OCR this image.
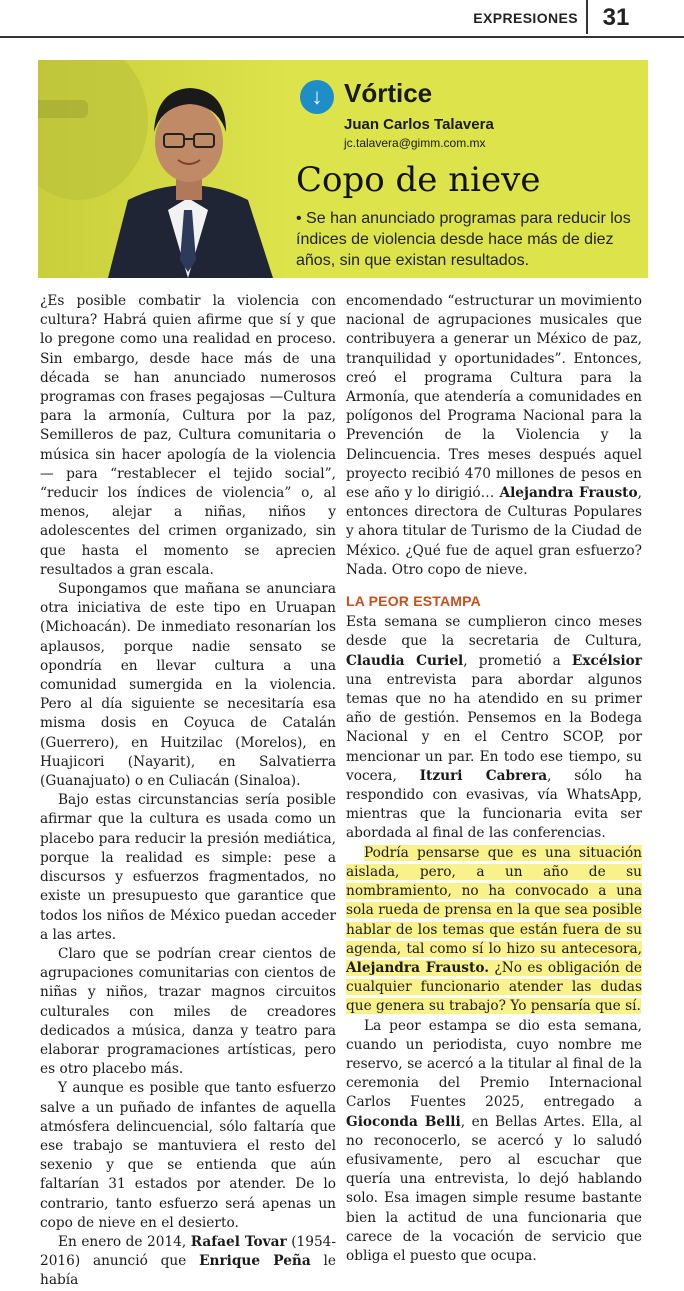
EXPRESIONES	31
↓ Vórtice
Juan Carlos Talavera
jc.talavera@gimm.com.mx
Copo de nieve
• Se han anunciado programas para reducir los índices de violencia desde hace más de diez años, sin que existan resultados.

¿Es posible combatir la violencia con cultura? Habrá quien afirme que sí y que lo pregone como una realidad en proceso. Sin embargo, desde hace más de una década se han anunciado numerosos programas con frases pegajosas —Cultura para la armonía, Cultura por la paz, Semilleros de paz, Cultura comunitaria o música sin hacer apología de la violencia— para “restablecer el tejido social”, “reducir los índices de violencia” o, al menos, alejar a niñas, niños y adolescentes del crimen organizado, sin que hasta el momento se aprecien resultados a gran escala.

Supongamos que mañana se anunciara otra iniciativa de este tipo en Uruapan (Michoacán). De inmediato resonarían los aplausos, porque nadie sensato se opondría en llevar cultura a una comunidad sumergida en la violencia. Pero al día siguiente se necesitaría esa misma dosis en Coyuca de Catalán (Guerrero), en Huitzilac (Morelos), en Huajicori (Nayarit), en Salvatierra (Guanajuato) o en Culiacán (Sinaloa).

Bajo estas circunstancias sería posible afirmar que la cultura es usada como un placebo para reducir la presión mediática, porque la realidad es simple: pese a discursos y esfuerzos fragmentados, no existe un presupuesto que garantice que todos los niños de México puedan acceder a las artes.

Claro que se podrían crear cientos de agrupaciones comunitarias con cientos de niñas y niños, trazar magnos circuitos culturales con miles de creadores dedicados a música, danza y teatro para elaborar programaciones artísticas, pero es otro placebo más.

Y aunque es posible que tanto esfuerzo salve a un puñado de infantes de aquella atmósfera delincuencial, sólo faltaría que ese trabajo se mantuviera el resto del sexenio y que se entienda que aún faltarían 31 estados por atender. De lo contrario, tanto esfuerzo será apenas un copo de nieve en el desierto.

En enero de 2014, Rafael Tovar (1954-2016) anunció que Enrique Peña le había

encomendado “estructurar un movimiento nacional de agrupaciones musicales que contribuyera a generar un México de paz, tranquilidad y oportunidades”. Entonces, creó el programa Cultura para la Armonía, que atendería a comunidades en polígonos del Programa Nacional para la Prevención de la Violencia y la Delincuencia. Tres meses después aquel proyecto recibió 470 millones de pesos en ese año y lo dirigió… Alejandra Frausto, entonces directora de Culturas Populares y ahora titular de Turismo de la Ciudad de México. ¿Qué fue de aquel gran esfuerzo? Nada. Otro copo de nieve.

LA PEOR ESTAMPA

Esta semana se cumplieron cinco meses desde que la secretaria de Cultura, Claudia Curiel, prometió a Excélsior una entrevista para abordar algunos temas que no ha atendido en su primer año de gestión. Pensemos en la Bodega Nacional y en el Centro SCOP, por mencionar un par. En todo ese tiempo, su vocera, Itzuri Cabrera, sólo ha respondido con evasivas, vía WhatsApp, mientras que la funcionaria evita ser abordada al final de las conferencias.

Podría pensarse que es una situación aislada, pero, a un año de su nombramiento, no ha convocado a una sola rueda de prensa en la que sea posible hablar de los temas que están fuera de su agenda, tal como sí lo hizo su antecesora, Alejandra Frausto. ¿No es obligación de cualquier funcionario atender las dudas que genera su trabajo? Yo pensaría que sí.

La peor estampa se dio esta semana, cuando un periodista, cuyo nombre me reservo, se acercó a la titular al final de la ceremonia del Premio Internacional Carlos Fuentes 2025, entregado a Gioconda Belli, en Bellas Artes. Ella, al no reconocerlo, se acercó y lo saludó efusivamente, pero al escuchar que quería una entrevista, lo dejó hablando solo. Esa imagen simple resume bastante bien la actitud de una funcionaria que carece de la vocación de servicio que obliga el puesto que ocupa.
